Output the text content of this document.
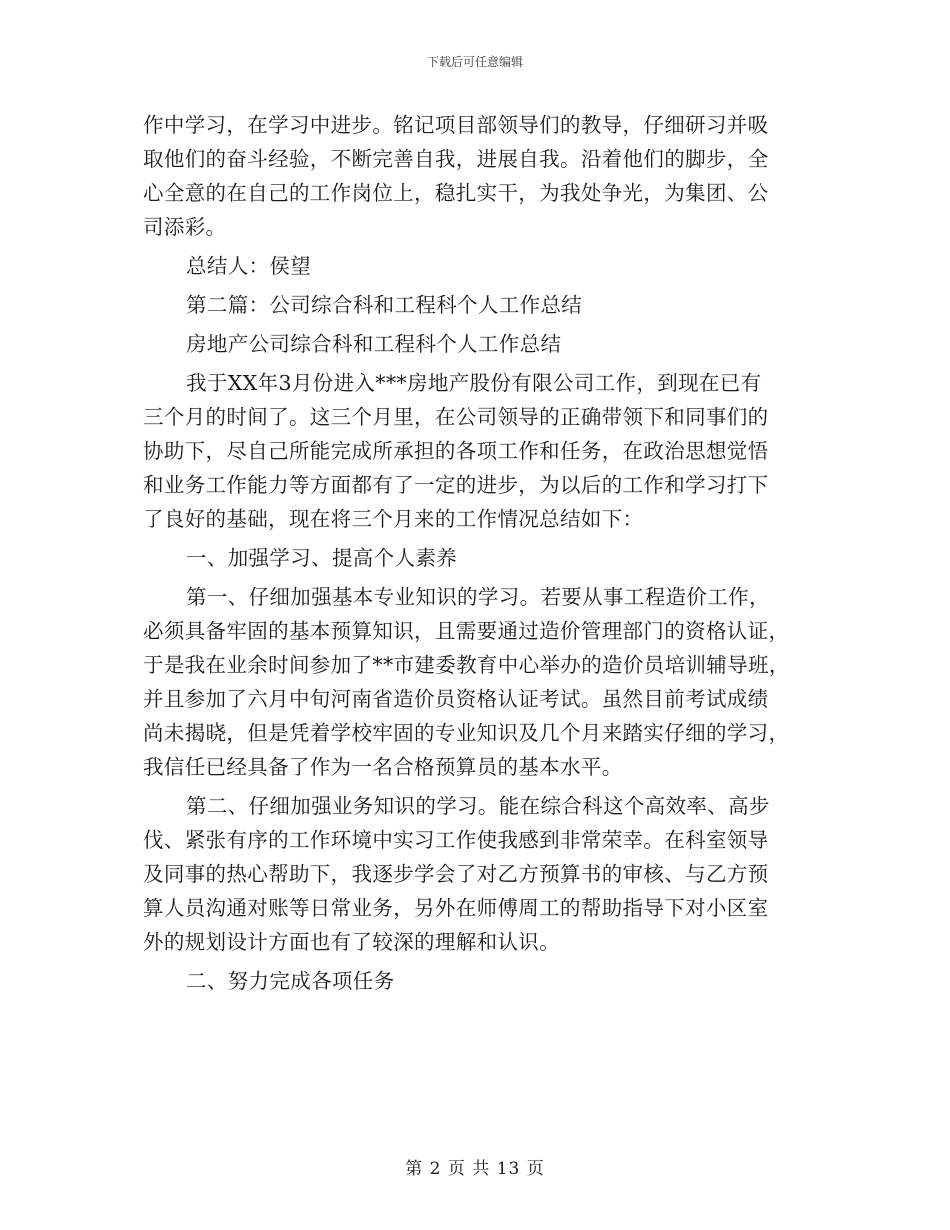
下载后可任意编辑
作中学习，在学习中进步。铭记项目部领导们的教导，仔细研习并吸
取他们的奋斗经验，不断完善自我，进展自我。沿着他们的脚步，全
心全意的在自己的工作岗位上，稳扎实干，为我处争光，为集团、公
司添彩。
总结人：侯望
第二篇：公司综合科和工程科个人工作总结
房地产公司综合科和工程科个人工作总结
我于XX年3月份进入***房地产股份有限公司工作，到现在已有
三个月的时间了。这三个月里，在公司领导的正确带领下和同事们的
协助下，尽自己所能完成所承担的各项工作和任务，在政治思想觉悟
和业务工作能力等方面都有了一定的进步，为以后的工作和学习打下
了良好的基础，现在将三个月来的工作情况总结如下：
一、加强学习、提高个人素养
第一、仔细加强基本专业知识的学习。若要从事工程造价工作，
必须具备牢固的基本预算知识，且需要通过造价管理部门的资格认证，
于是我在业余时间参加了**市建委教育中心举办的造价员培训辅导班，
并且参加了六月中旬河南省造价员资格认证考试。虽然目前考试成绩
尚未揭晓，但是凭着学校牢固的专业知识及几个月来踏实仔细的学习，
我信任已经具备了作为一名合格预算员的基本水平。
第二、仔细加强业务知识的学习。能在综合科这个高效率、高步
伐、紧张有序的工作环境中实习工作使我感到非常荣幸。在科室领导
及同事的热心帮助下，我逐步学会了对乙方预算书的审核、与乙方预
算人员沟通对账等日常业务，另外在师傅周工的帮助指导下对小区室
外的规划设计方面也有了较深的理解和认识。
二、努力完成各项任务
第 2 页 共 13 页
